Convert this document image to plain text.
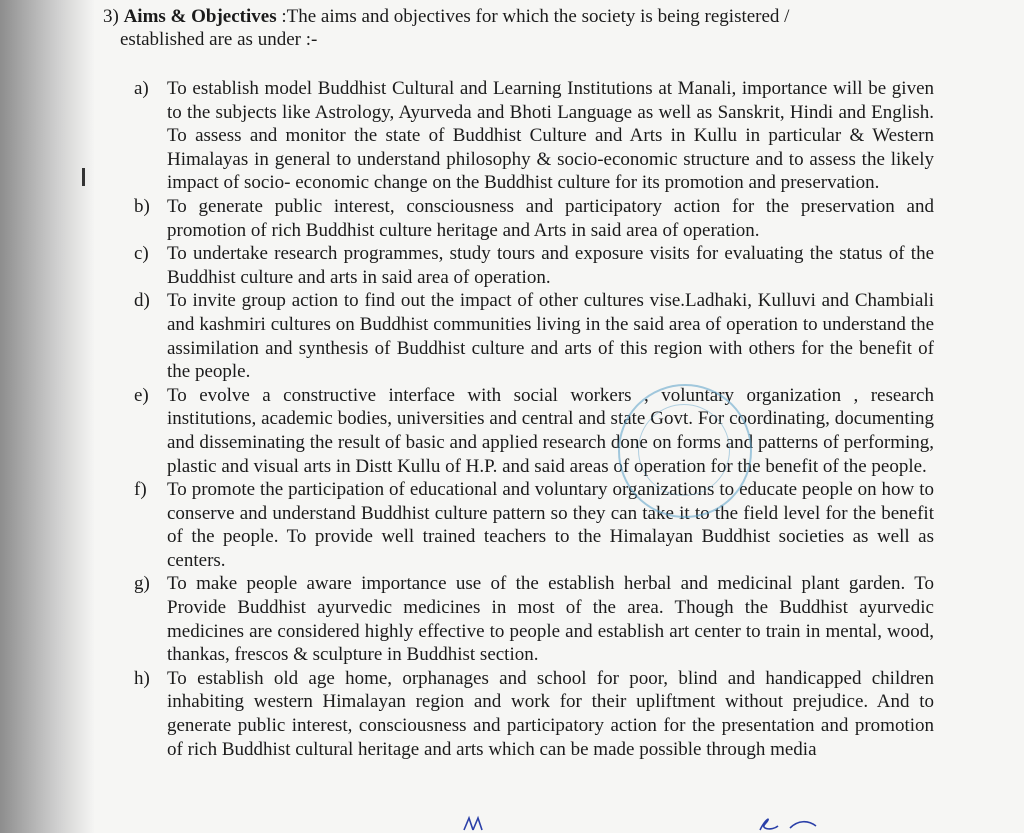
3) Aims & Objectives :The aims and objectives for which the society is being registered /
established are as under :-
a) To establish model Buddhist Cultural and Learning Institutions at Manali, importance will be given to the subjects like Astrology, Ayurveda and Bhoti Language as well as Sanskrit, Hindi and English. To assess and monitor the state of Buddhist Culture and Arts in Kullu in particular & Western Himalayas in general to understand philosophy & socio-economic structure and to assess the likely impact of socio- economic change on the Buddhist culture for its promotion and preservation.
b) To generate public interest, consciousness and participatory action for the preservation and promotion of rich Buddhist culture heritage and Arts in said area of operation.
c) To undertake research programmes, study tours and exposure visits for evaluating the status of the Buddhist culture and arts in said area of operation.
d) To invite group action to find out the impact of other cultures vise.Ladhaki, Kulluvi and Chambiali and kashmiri cultures on Buddhist communities living in the said area of operation to understand the assimilation and synthesis of Buddhist culture and arts of this region with others for the benefit of the people.
e) To evolve a constructive interface with social workers , voluntary organization , research institutions, academic bodies, universities and central and state Govt. For coordinating, documenting and disseminating the result of basic and applied research done on forms and patterns of performing, plastic and visual arts in Distt Kullu of H.P. and said areas of operation for the benefit of the people.
f) To promote the participation of educational and voluntary organizations to educate people on how to conserve and understand Buddhist culture pattern so they can take it to the field level for the benefit of the people. To provide well trained teachers to the Himalayan Buddhist societies as well as centers.
g) To make people aware importance use of the establish herbal and medicinal plant garden. To Provide Buddhist ayurvedic medicines in most of the area. Though the Buddhist ayurvedic medicines are considered highly effective to people and establish art center to train in mental, wood, thankas, frescos & sculpture in Buddhist section.
h) To establish old age home, orphanages and school for poor, blind and handicapped children inhabiting western Himalayan region and work for their upliftment without prejudice. And to generate public interest, consciousness and participatory action for the presentation and promotion of rich Buddhist cultural heritage and arts which can be made possible through media
